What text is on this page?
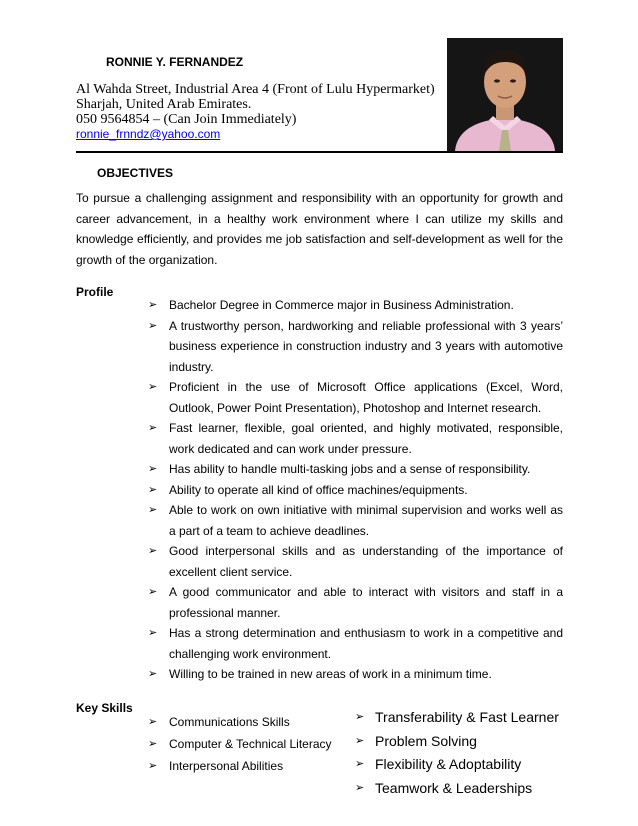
RONNIE Y. FERNANDEZ
Al Wahda Street, Industrial Area 4 (Front of Lulu Hypermarket)
Sharjah, United Arab Emirates.
050 9564854 – (Can Join Immediately)
ronnie_frnndz@yahoo.com
OBJECTIVES
To pursue a challenging assignment and responsibility with an opportunity for growth and career advancement, in a healthy work environment where I can utilize my skills and knowledge efficiently, and provides me job satisfaction and self-development as well for the growth of the organization.
Profile
➢ Bachelor Degree in Commerce major in Business Administration.
➢ A trustworthy person, hardworking and reliable professional with 3 years’ business experience in construction industry and 3 years with automotive industry.
➢ Proficient in the use of Microsoft Office applications (Excel, Word, Outlook, Power Point Presentation), Photoshop and Internet research.
➢ Fast learner, flexible, goal oriented, and highly motivated, responsible, work dedicated and can work under pressure.
➢ Has ability to handle multi-tasking jobs and a sense of responsibility.
➢ Ability to operate all kind of office machines/equipments.
➢ Able to work on own initiative with minimal supervision and works well as a part of a team to achieve deadlines.
➢ Good interpersonal skills and as understanding of the importance of excellent client service.
➢ A good communicator and able to interact with visitors and staff in a professional manner.
➢ Has a strong determination and enthusiasm to work in a competitive and challenging work environment.
➢ Willing to be trained in new areas of work in a minimum time.
Key Skills
➢ Communications Skills
➢ Computer & Technical Literacy
➢ Interpersonal Abilities
➢ Transferability & Fast Learner
➢ Problem Solving
➢ Flexibility & Adoptability
➢ Teamwork & Leaderships
